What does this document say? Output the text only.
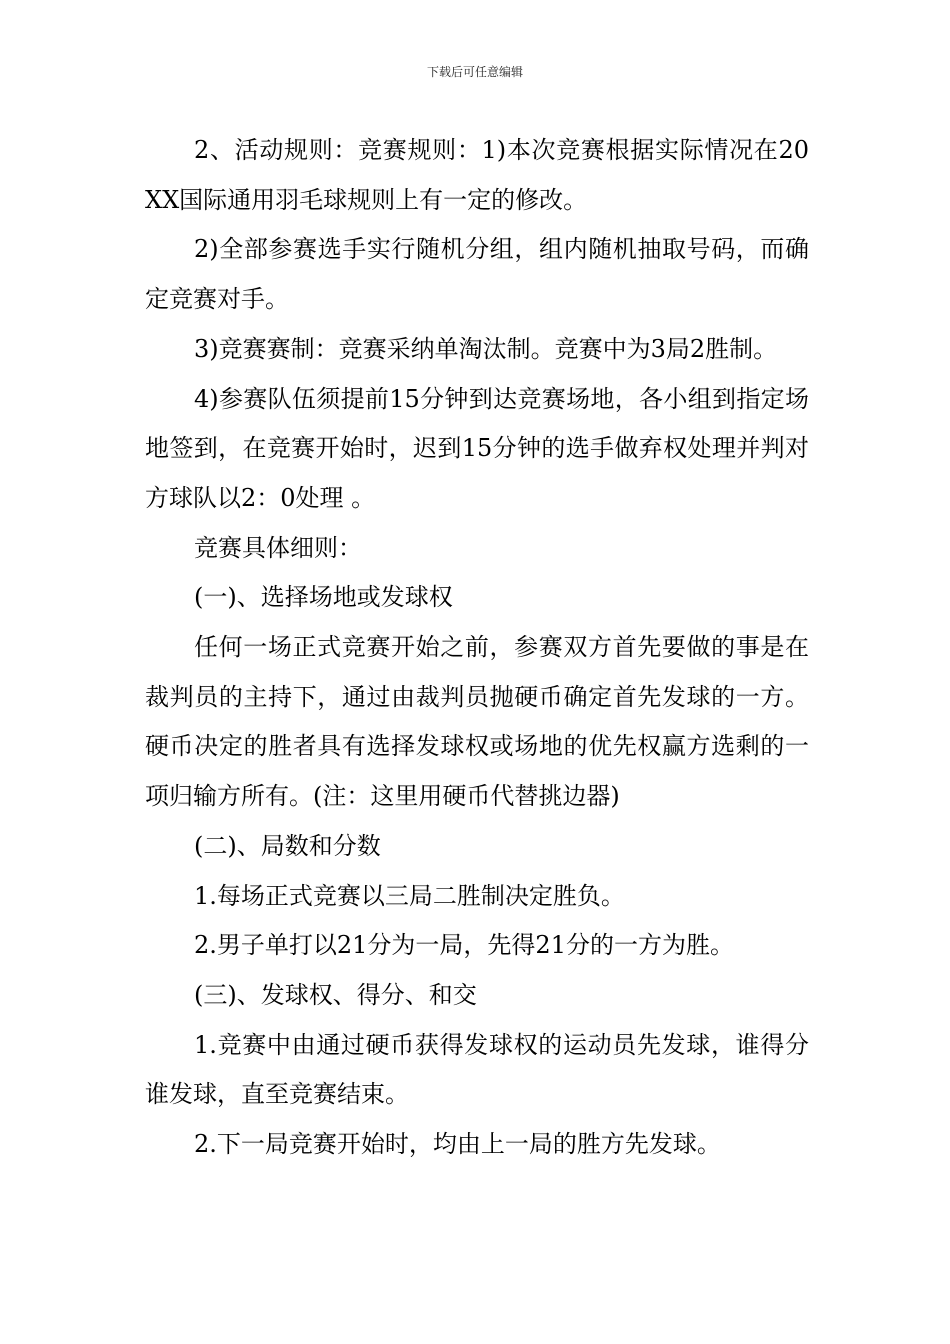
下载后可任意编辑

2、活动规则：竞赛规则：1)本次竞赛根据实际情况在20XX国际通用羽毛球规则上有一定的修改。

2)全部参赛选手实行随机分组，组内随机抽取号码，而确定竞赛对手。

3)竞赛赛制：竞赛采纳单淘汰制。竞赛中为3局2胜制。

4)参赛队伍须提前15分钟到达竞赛场地，各小组到指定场地签到，在竞赛开始时，迟到15分钟的选手做弃权处理并判对方球队以2：0处理 。

竞赛具体细则：

(一)、选择场地或发球权

任何一场正式竞赛开始之前，参赛双方首先要做的事是在裁判员的主持下，通过由裁判员抛硬币确定首先发球的一方。硬币决定的胜者具有选择发球权或场地的优先权赢方选剩的一项归输方所有。(注：这里用硬币代替挑边器)

(二)、局数和分数

1.每场正式竞赛以三局二胜制决定胜负。

2.男子单打以21分为一局，先得21分的一方为胜。

(三)、发球权、得分、和交

1.竞赛中由通过硬币获得发球权的运动员先发球，谁得分谁发球，直至竞赛结束。

2.下一局竞赛开始时，均由上一局的胜方先发球。
